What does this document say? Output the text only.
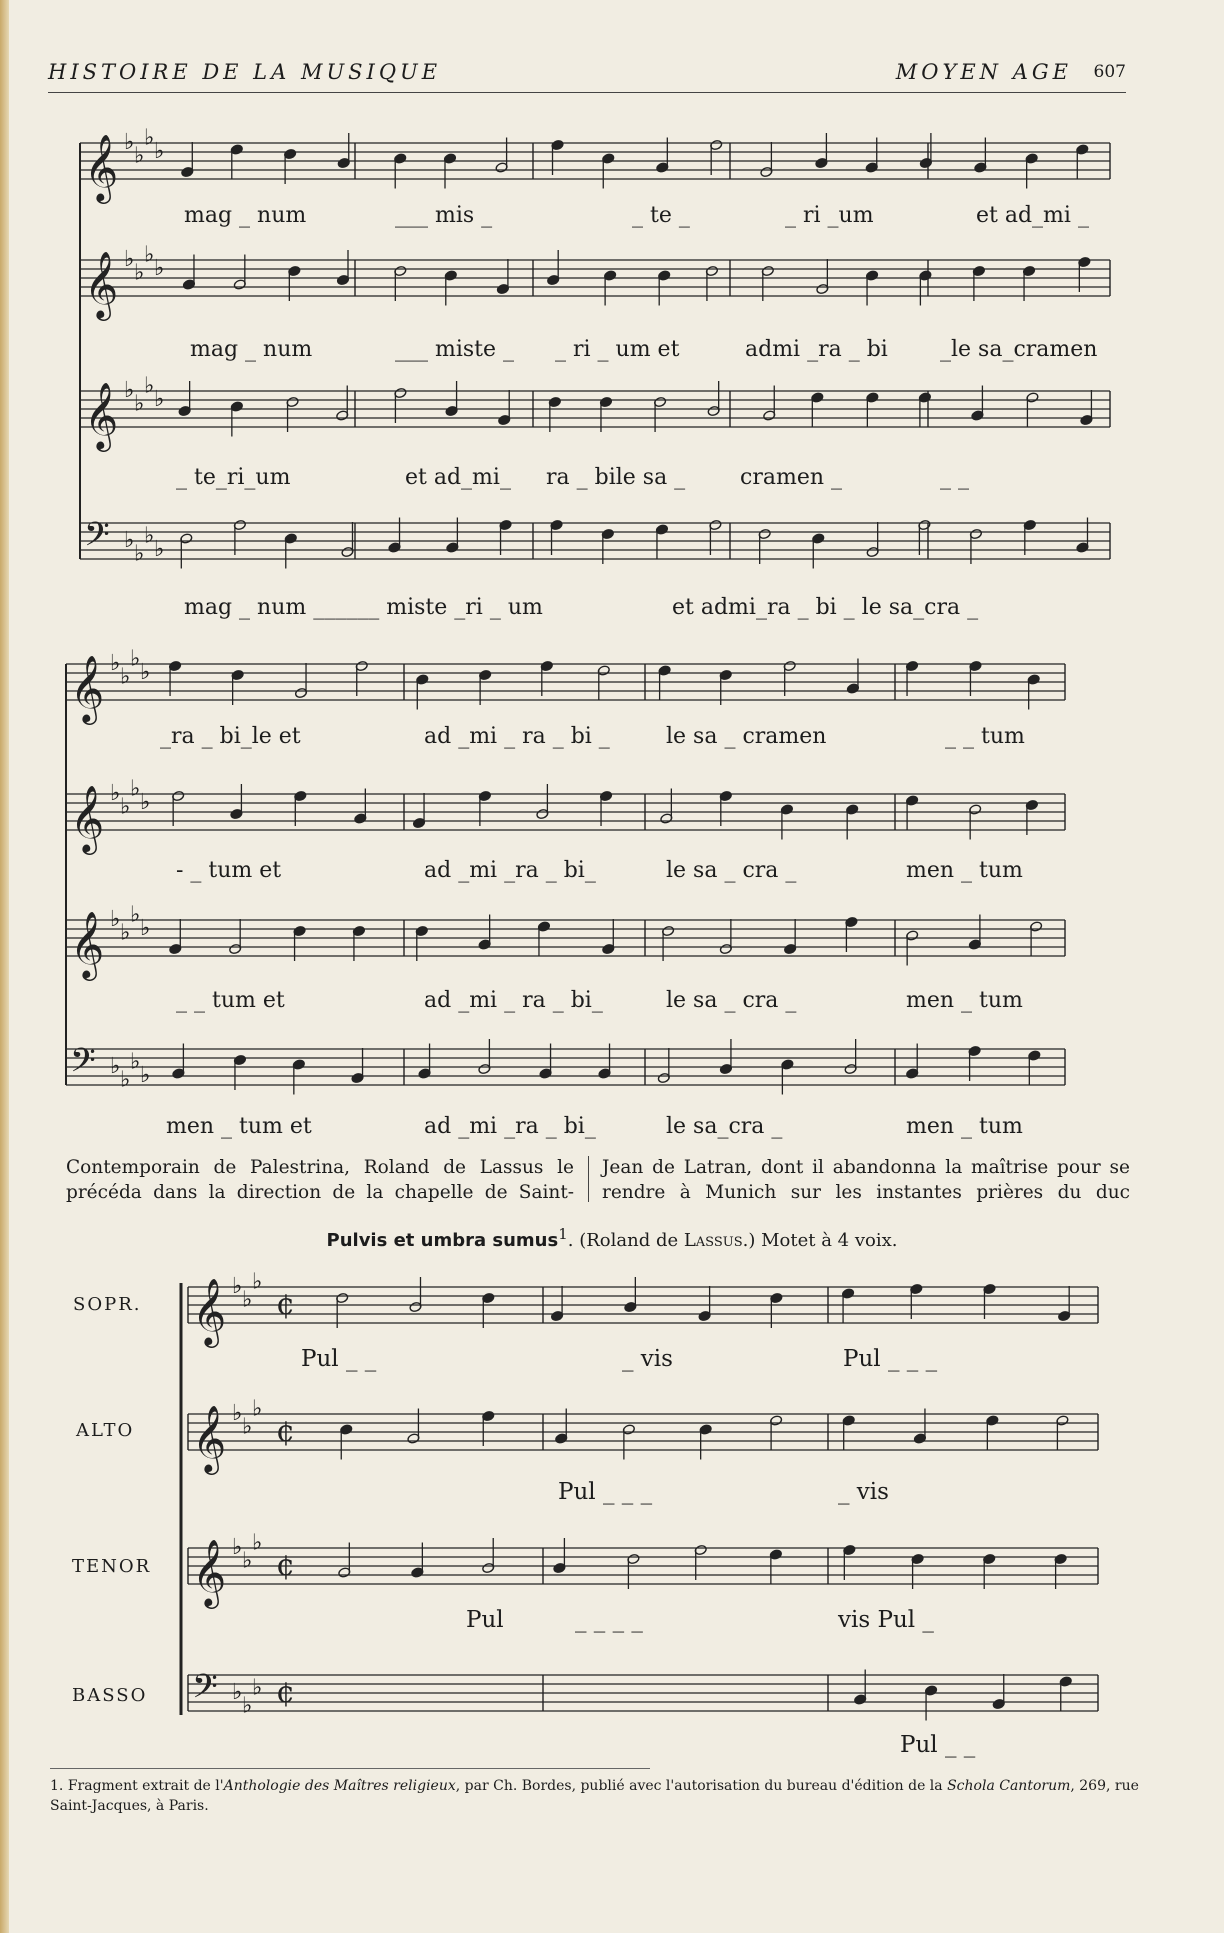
HISTOIRE DE LA MUSIQUE	MOYEN AGE 607
𝄞 ♭
♭
♭
♭
𝄞 ♭
♭
♭
♭
𝄞 ♭
♭
♭
♭
𝄢 ♭
♭
♭
♭
𝄞 ♭
♭
♭
♭
𝄞 ♭
♭
♭
♭
𝄞 ♭
♭
♭
♭
𝄢 ♭
♭
♭
♭
𝄞 ♭
♭
♭
¢
𝄞 ♭
♭
♭
¢
𝄞 ♭
♭
♭
¢
𝄢 ♭
♭
♭ ¢
mag _ num	___ mis _	_ te _	_ ri _um	et ad_mi _
mag _ num	___ miste _ _ ri _ um et	admi _ra _ bi _le sa_cramen
_ te_ri_um	et ad_mi_ ra _ bile sa _ cramen _	_ _
mag _ num ______ miste _ri _ um	et admi_ra _ bi _ le sa_cra _
_ra _ bi_le et	ad _mi _ ra _ bi _	le sa _ cramen	_ _ tum
- _ tum et	ad _mi _ra _ bi_	le sa _ cra _	men _ tum
_ _ tum et	ad _mi _ ra _ bi_	le sa _ cra _	men _ tum
men _ tum et	ad _mi _ra _ bi_	le sa_cra _	men _ tum
Pul _ _	_ vis	Pul _ _ _
Pul _ _ _	_ vis
Pul	_ _ _ _	vis Pul _
Pul _ _
SOPR.
ALTO
TENOR
BASSO
Contemporain de Palestrina, Roland de Lassus le précéda dans la direction de la chapelle de Saint-
Jean de Latran, dont il abandonna la maîtrise pour se rendre à Munich sur les instantes prières du duc
Pulvis et umbra sumus$^1$. (Roland de Lassus.) Motet à 4 voix.
1. Fragment extrait de l'Anthologie des Maîtres religieux, par Ch. Bordes, publié avec l'autorisation du bureau d'édition de la Schola Cantorum, 269, rue Saint-Jacques, à Paris.
